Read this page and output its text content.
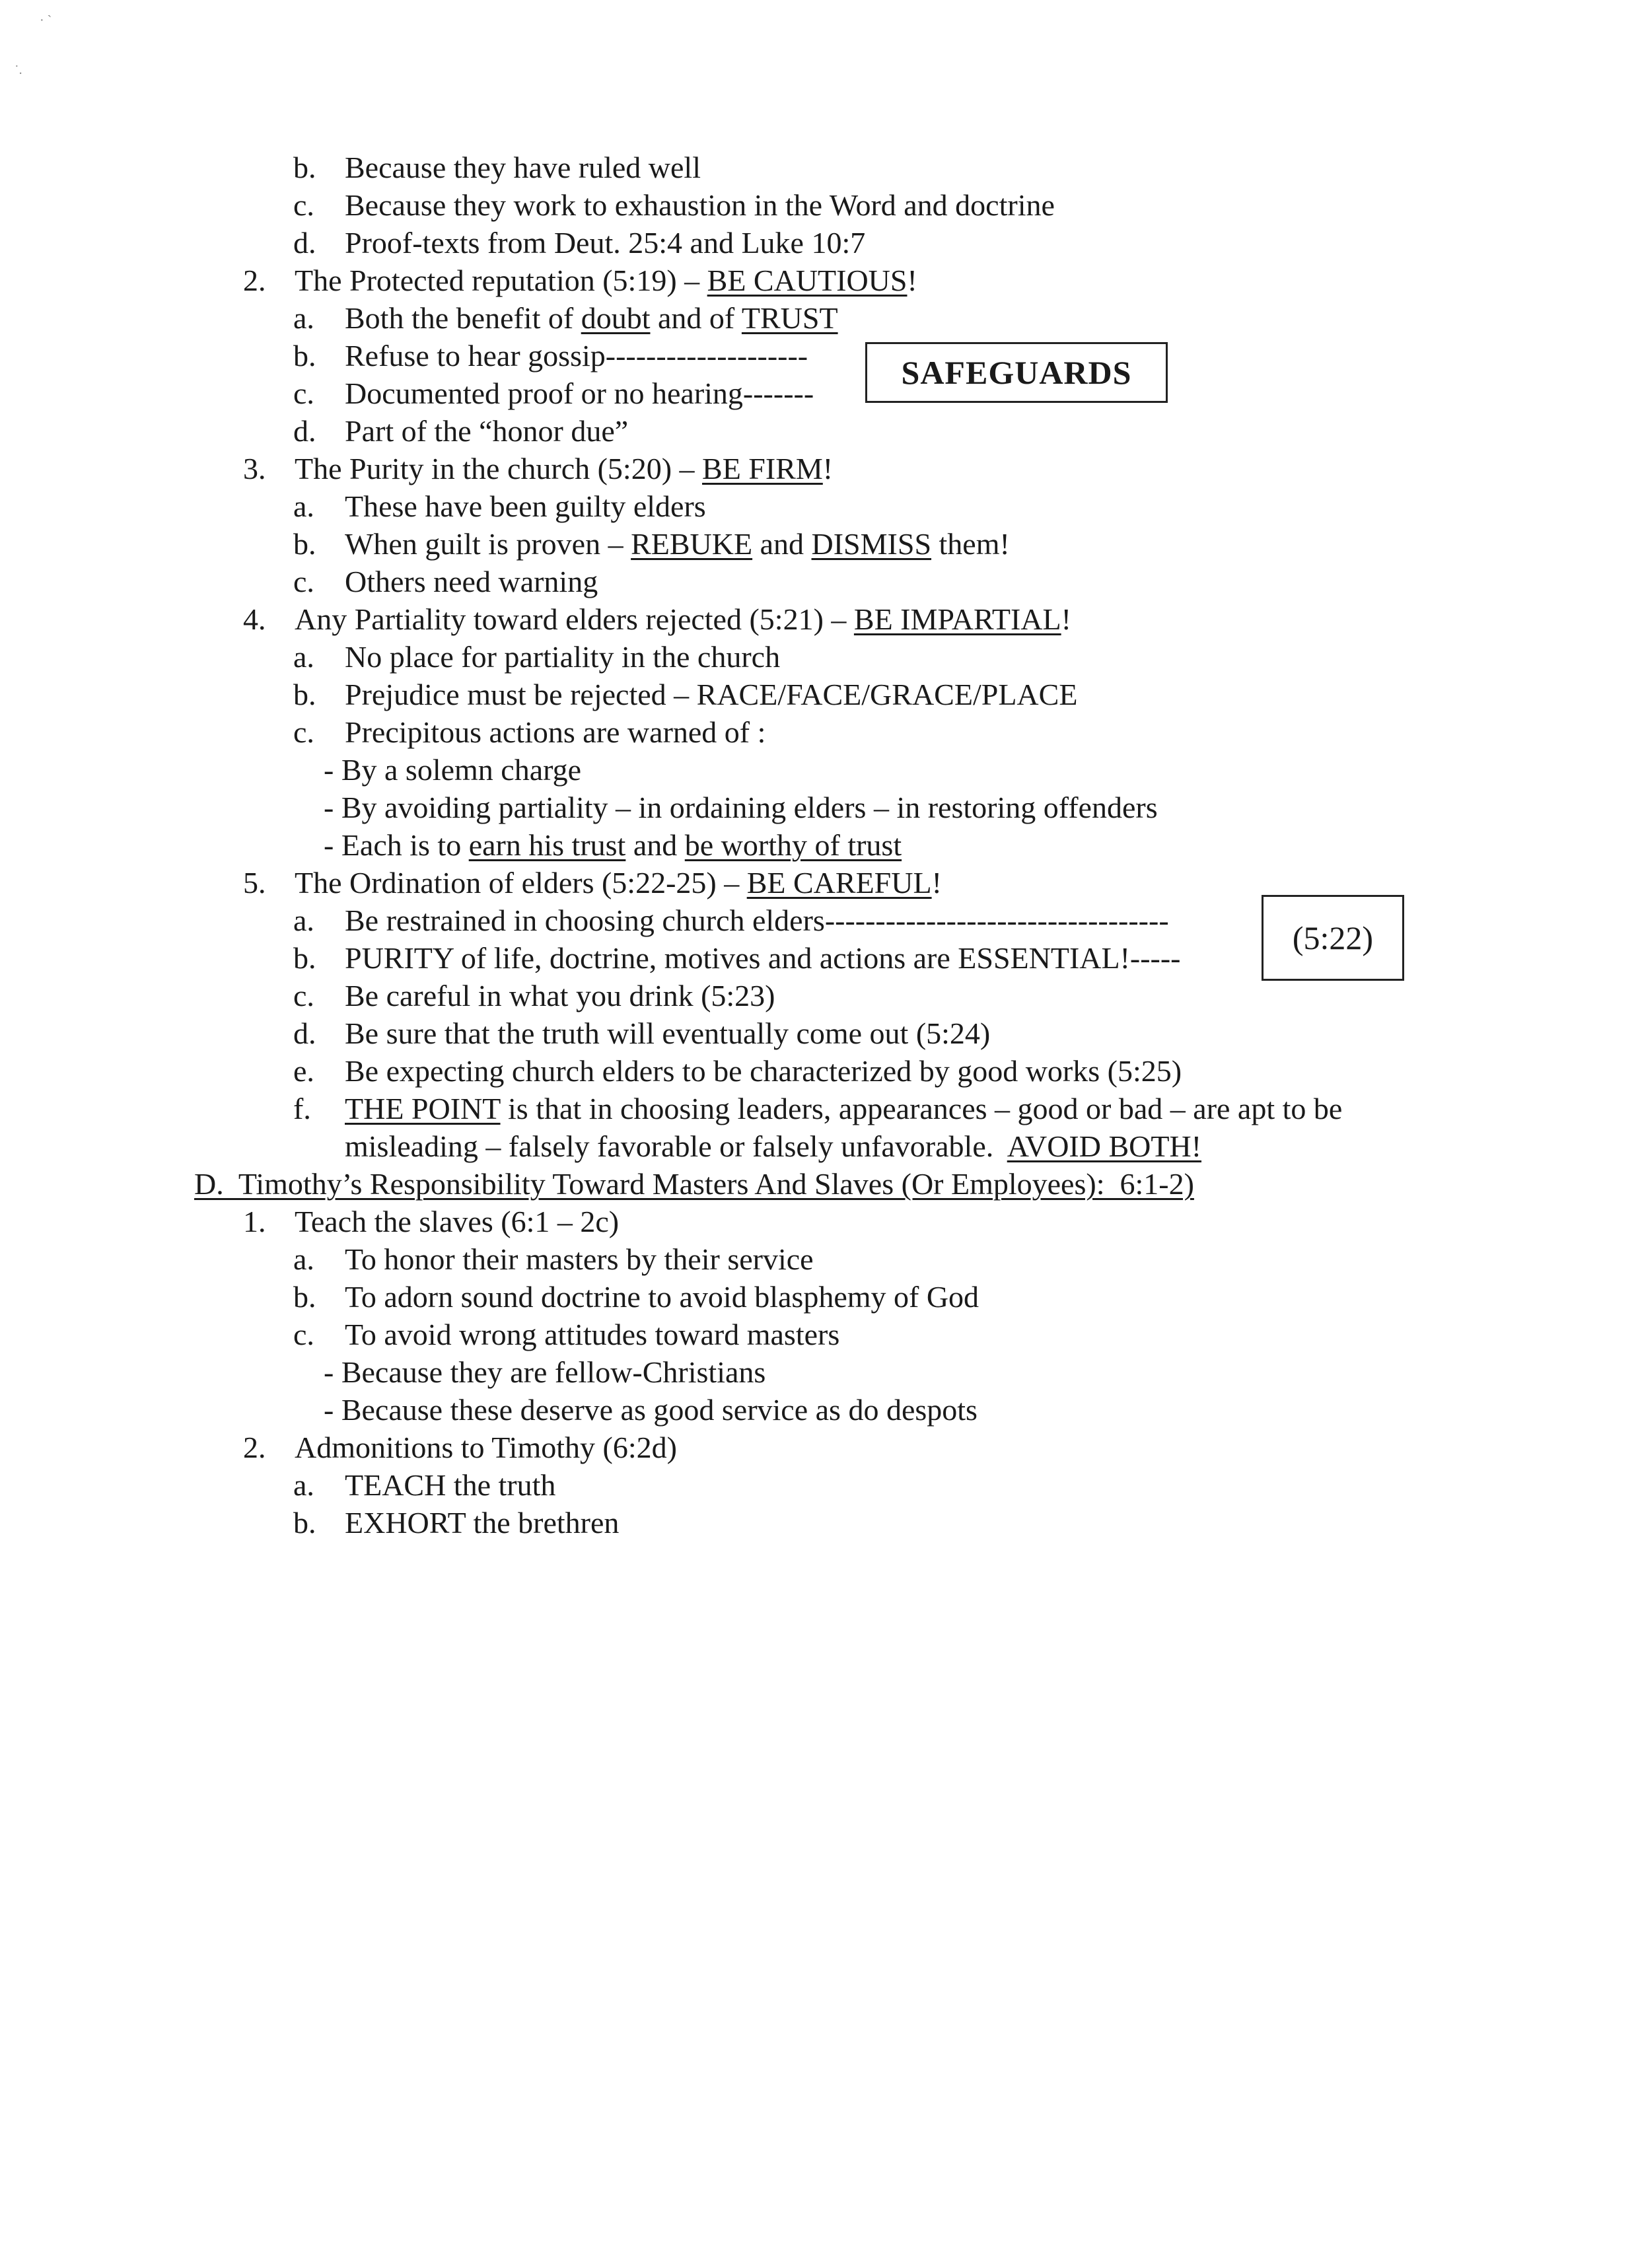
· ˋ
˙.
b. Because they have ruled well
c. Because they work to exhaustion in the Word and doctrine
d. Proof-texts from Deut. 25:4 and Luke 10:7
2. The Protected reputation (5:19) – BE CAUTIOUS!
a. Both the benefit of doubt and of TRUST
b. Refuse to hear gossip--------------------
c. Documented proof or no hearing-------
SAFEGUARDS
d. Part of the “honor due”
3. The Purity in the church (5:20) – BE FIRM!
a. These have been guilty elders
b. When guilt is proven – REBUKE and DISMISS them!
c. Others need warning
4. Any Partiality toward elders rejected (5:21) – BE IMPARTIAL!
a. No place for partiality in the church
b. Prejudice must be rejected – RACE/FACE/GRACE/PLACE
c. Precipitous actions are warned of :
- By a solemn charge
- By avoiding partiality – in ordaining elders – in restoring offenders
- Each is to earn his trust and be worthy of trust
5. The Ordination of elders (5:22-25) – BE CAREFUL!
a. Be restrained in choosing church elders----------------------------------
b. PURITY of life, doctrine, motives and actions are ESSENTIAL!-----
(5:22)
c. Be careful in what you drink (5:23)
d. Be sure that the truth will eventually come out (5:24)
e. Be expecting church elders to be characterized by good works (5:25)
f. THE POINT is that in choosing leaders, appearances – good or bad – are apt to be
misleading – falsely favorable or falsely unfavorable.  AVOID BOTH!
D.  Timothy’s Responsibility Toward Masters And Slaves (Or Employees):  6:1-2)
1. Teach the slaves (6:1 – 2c)
a. To honor their masters by their service
b. To adorn sound doctrine to avoid blasphemy of God
c. To avoid wrong attitudes toward masters
- Because they are fellow-Christians
- Because these deserve as good service as do despots
2. Admonitions to Timothy (6:2d)
a. TEACH the truth
b. EXHORT the brethren
